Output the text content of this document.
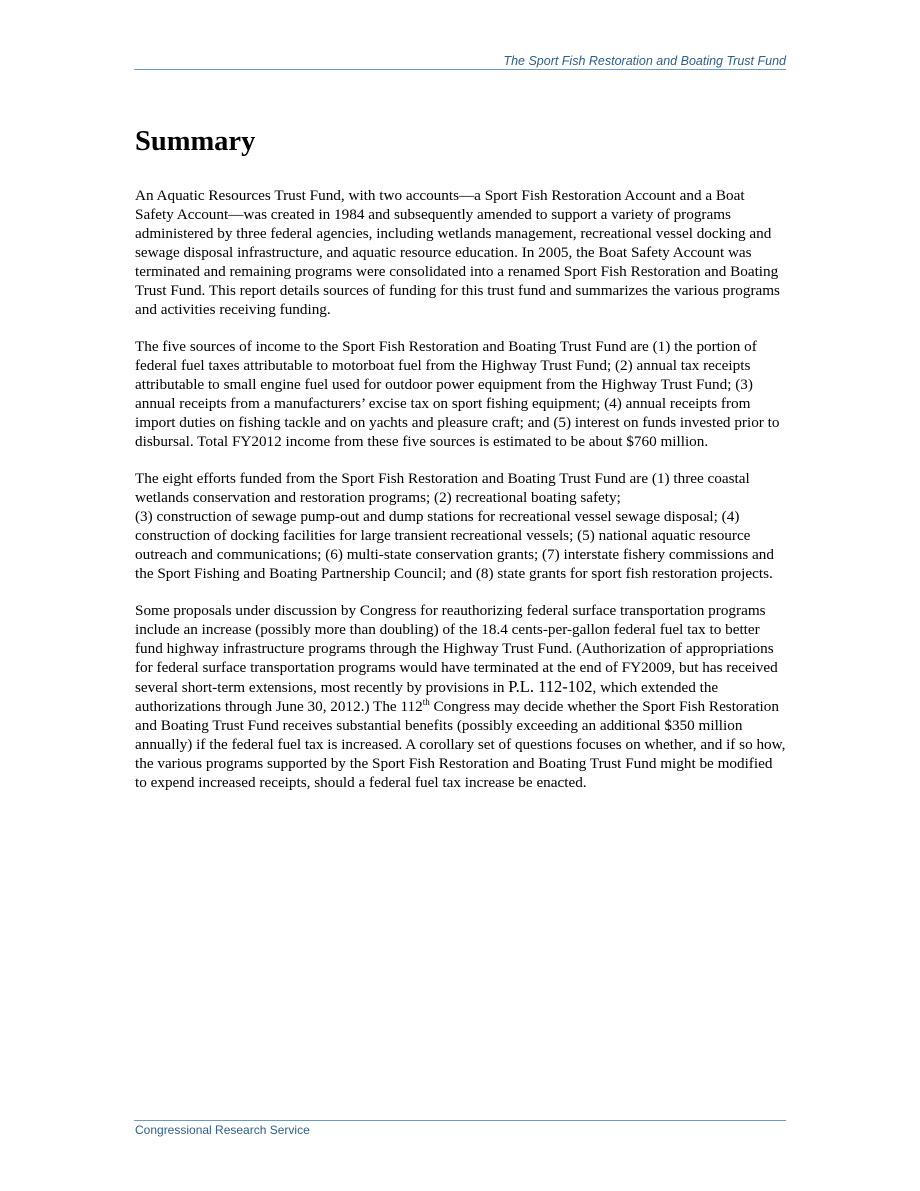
The Sport Fish Restoration and Boating Trust Fund
Summary

An Aquatic Resources Trust Fund, with two accounts—a Sport Fish Restoration Account and a Boat Safety Account—was created in 1984 and subsequently amended to support a variety of programs administered by three federal agencies, including wetlands management, recreational vessel docking and sewage disposal infrastructure, and aquatic resource education. In 2005, the Boat Safety Account was terminated and remaining programs were consolidated into a renamed Sport Fish Restoration and Boating Trust Fund. This report details sources of funding for this trust fund and summarizes the various programs and activities receiving funding.

The five sources of income to the Sport Fish Restoration and Boating Trust Fund are (1) the portion of federal fuel taxes attributable to motorboat fuel from the Highway Trust Fund; (2) annual tax receipts attributable to small engine fuel used for outdoor power equipment from the Highway Trust Fund; (3) annual receipts from a manufacturers’ excise tax on sport fishing equipment; (4) annual receipts from import duties on fishing tackle and on yachts and pleasure craft; and (5) interest on funds invested prior to disbursal. Total FY2012 income from these five sources is estimated to be about $760 million.

The eight efforts funded from the Sport Fish Restoration and Boating Trust Fund are (1) three coastal wetlands conservation and restoration programs; (2) recreational boating safety;
(3) construction of sewage pump-out and dump stations for recreational vessel sewage disposal; (4) construction of docking facilities for large transient recreational vessels; (5) national aquatic resource outreach and communications; (6) multi-state conservation grants; (7) interstate fishery commissions and the Sport Fishing and Boating Partnership Council; and (8) state grants for sport fish restoration projects.

Some proposals under discussion by Congress for reauthorizing federal surface transportation programs include an increase (possibly more than doubling) of the 18.4 cents-per-gallon federal fuel tax to better fund highway infrastructure programs through the Highway Trust Fund. (Authorization of appropriations for federal surface transportation programs would have terminated at the end of FY2009, but has received several short-term extensions, most recently by provisions in P.L. 112-102, which extended the authorizations through June 30, 2012.) The 112th Congress may decide whether the Sport Fish Restoration and Boating Trust Fund receives substantial benefits (possibly exceeding an additional $350 million annually) if the federal fuel tax is increased. A corollary set of questions focuses on whether, and if so how, the various programs supported by the Sport Fish Restoration and Boating Trust Fund might be modified to expend increased receipts, should a federal fuel tax increase be enacted.

Congressional Research Service
